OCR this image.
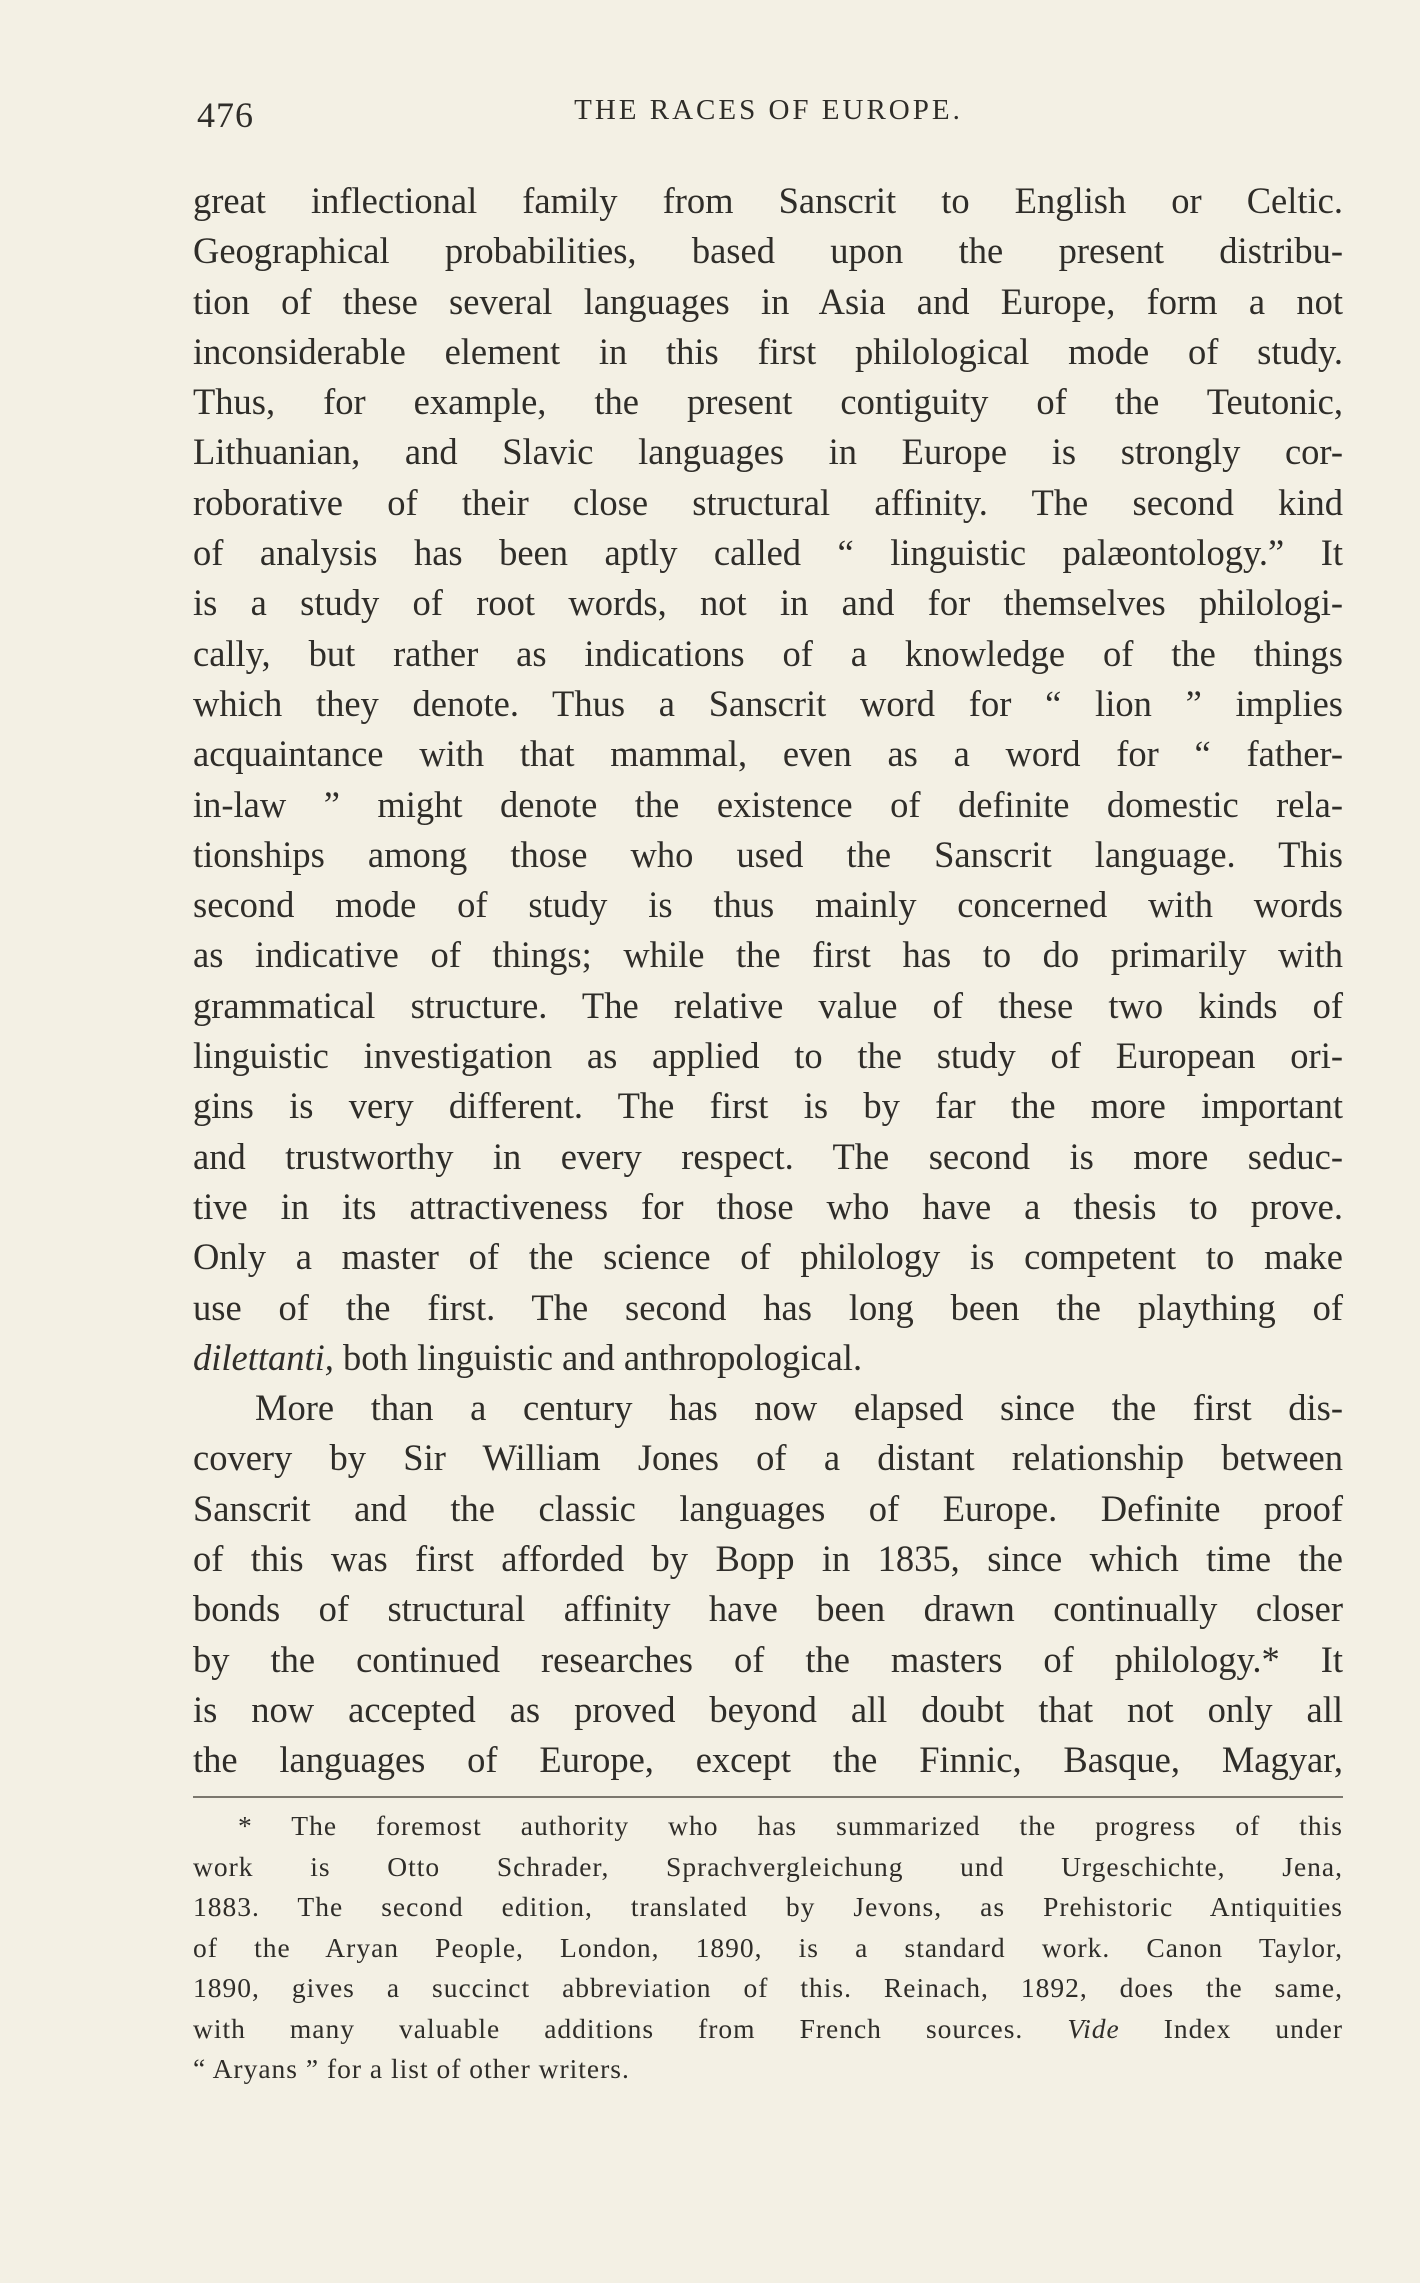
476	THE RACES OF EUROPE.
great inflectional family from Sanscrit to English or Celtic.
Geographical probabilities, based upon the present distribu-
tion of these several languages in Asia and Europe, form a not
inconsiderable element in this first philological mode of study.
Thus, for example, the present contiguity of the Teutonic,
Lithuanian, and Slavic languages in Europe is strongly cor-
roborative of their close structural affinity. The second kind
of analysis has been aptly called “ linguistic palæontology.” It
is a study of root words, not in and for themselves philologi-
cally, but rather as indications of a knowledge of the things
which they denote. Thus a Sanscrit word for “ lion ” implies
acquaintance with that mammal, even as a word for “ father-
in-law ” might denote the existence of definite domestic rela-
tionships among those who used the Sanscrit language. This
second mode of study is thus mainly concerned with words
as indicative of things; while the first has to do primarily with
grammatical structure. The relative value of these two kinds of
linguistic investigation as applied to the study of European ori-
gins is very different. The first is by far the more important
and trustworthy in every respect. The second is more seduc-
tive in its attractiveness for those who have a thesis to prove.
Only a master of the science of philology is competent to make
use of the first. The second has long been the plaything of
dilettanti, both linguistic and anthropological.
More than a century has now elapsed since the first dis-
covery by Sir William Jones of a distant relationship between
Sanscrit and the classic languages of Europe. Definite proof
of this was first afforded by Bopp in 1835, since which time the
bonds of structural affinity have been drawn continually closer
by the continued researches of the masters of philology.* It
is now accepted as proved beyond all doubt that not only all
the languages of Europe, except the Finnic, Basque, Magyar,
* The foremost authority who has summarized the progress of this
work is Otto Schrader, Sprachvergleichung und Urgeschichte, Jena,
1883. The second edition, translated by Jevons, as Prehistoric Antiquities
of the Aryan People, London, 1890, is a standard work. Canon Taylor,
1890, gives a succinct abbreviation of this. Reinach, 1892, does the same,
with many valuable additions from French sources. Vide Index under
“ Aryans ” for a list of other writers.
